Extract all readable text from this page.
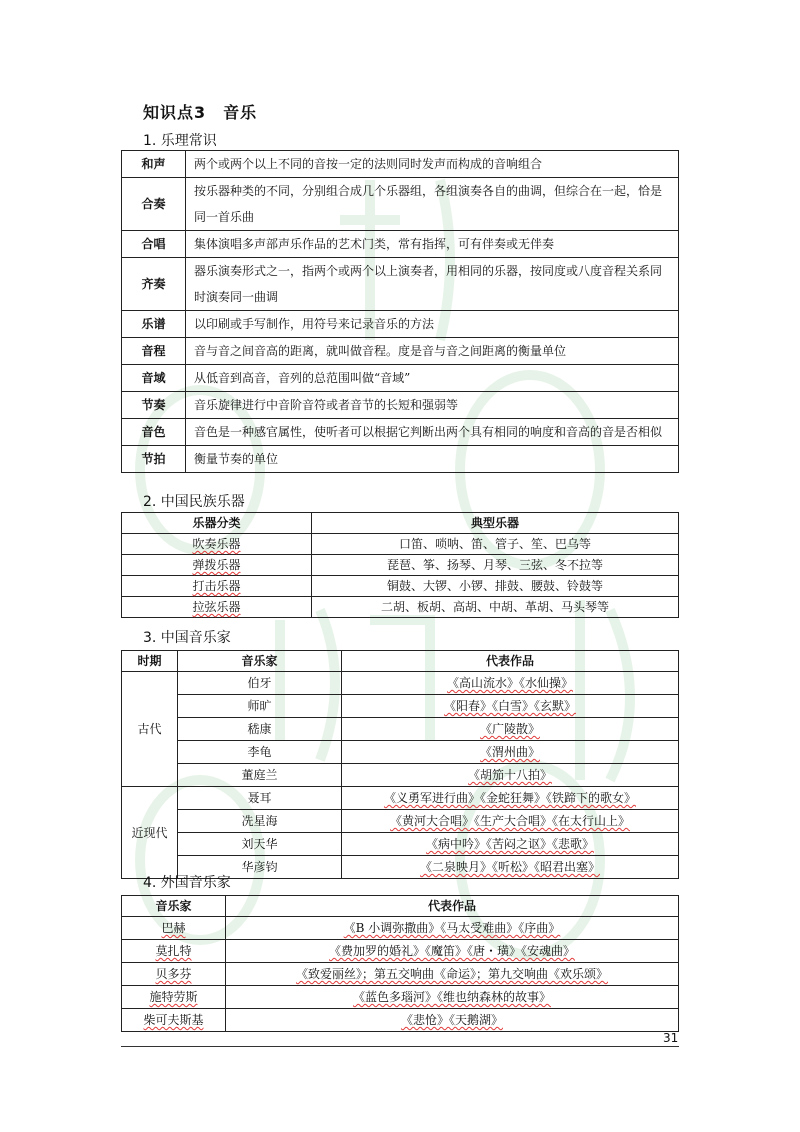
知识点3　音乐
1. 乐理常识
和声	两个或两个以上不同的音按一定的法则同时发声而构成的音响组合
合奏	按乐器种类的不同，分别组合成几个乐器组，各组演奏各自的曲调，但综合在一起，恰是同一首乐曲
合唱	集体演唱多声部声乐作品的艺术门类，常有指挥，可有伴奏或无伴奏
齐奏	器乐演奏形式之一，指两个或两个以上演奏者，用相同的乐器，按同度或八度音程关系同时演奏同一曲调
乐谱	以印刷或手写制作，用符号来记录音乐的方法
音程	音与音之间音高的距离，就叫做音程。度是音与音之间距离的衡量单位
音域	从低音到高音，音列的总范围叫做“音域”
节奏	音乐旋律进行中音阶音符或者音节的长短和强弱等
音色	音色是一种感官属性，使听者可以根据它判断出两个具有相同的响度和音高的音是否相似
节拍	衡量节奏的单位
2. 中国民族乐器
乐器分类	典型乐器
吹奏乐器	口笛、唢呐、笛、管子、笙、巴乌等
弹拨乐器	琵琶、筝、扬琴、月琴、三弦、冬不拉等
打击乐器	铜鼓、大锣、小锣、排鼓、腰鼓、铃鼓等
拉弦乐器	二胡、板胡、高胡、中胡、革胡、马头琴等
3. 中国音乐家
时期	音乐家	代表作品
古代	伯牙	《高山流水》《水仙操》
	师旷	《阳春》《白雪》《玄默》
	嵇康	《广陵散》
	李龟	《渭州曲》
	董庭兰	《胡笳十八拍》
近现代	聂耳	《义勇军进行曲》《金蛇狂舞》《铁蹄下的歌女》
	冼星海	《黄河大合唱》《生产大合唱》《在太行山上》
	刘天华	《病中吟》《苦闷之讴》《悲歌》
	华彦钧	《二泉映月》《听松》《昭君出塞》
4. 外国音乐家
音乐家	代表作品
巴赫	《B 小调弥撒曲》《马太受难曲》《序曲》
莫扎特	《费加罗的婚礼》《魔笛》《唐・璜》《安魂曲》
贝多芬	《致爱丽丝》；第五交响曲《命运》；第九交响曲《欢乐颂》
施特劳斯	《蓝色多瑙河》《维也纳森林的故事》
柴可夫斯基	《悲怆》《天鹅湖》
31
